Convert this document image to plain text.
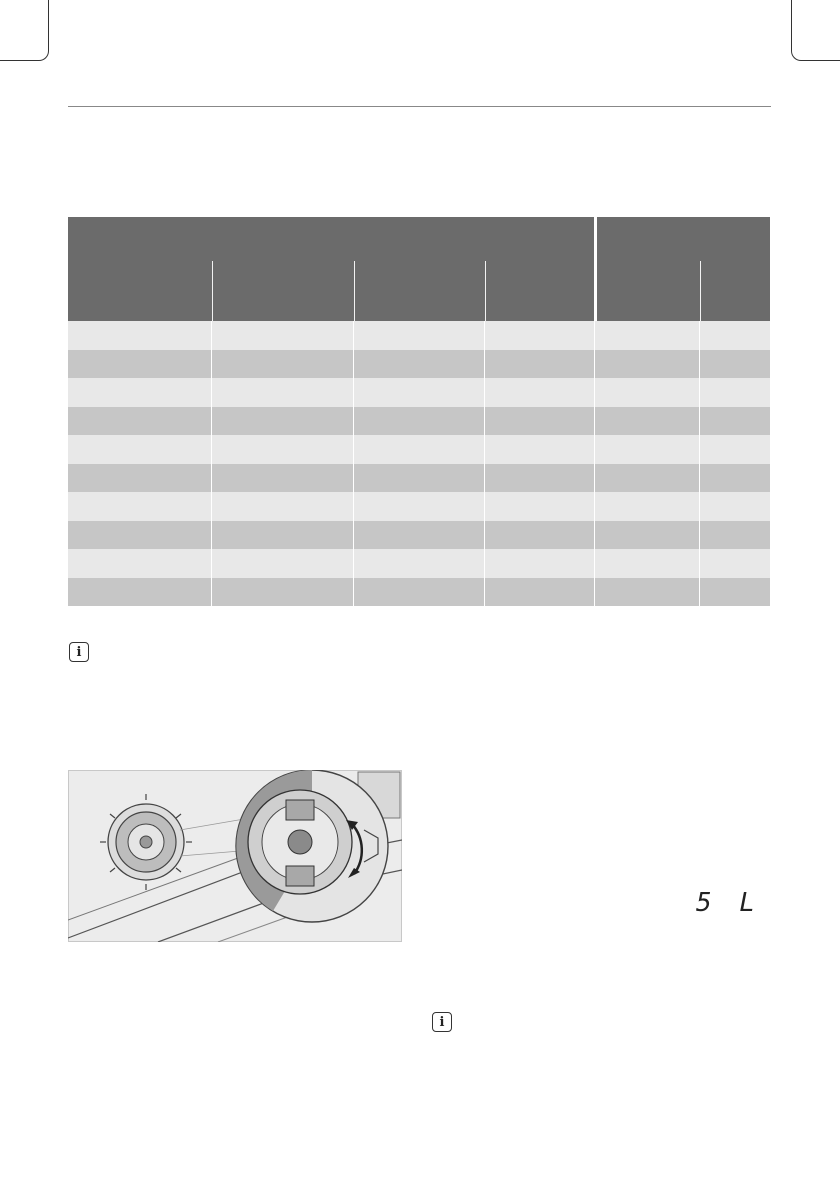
i
5 L
i
